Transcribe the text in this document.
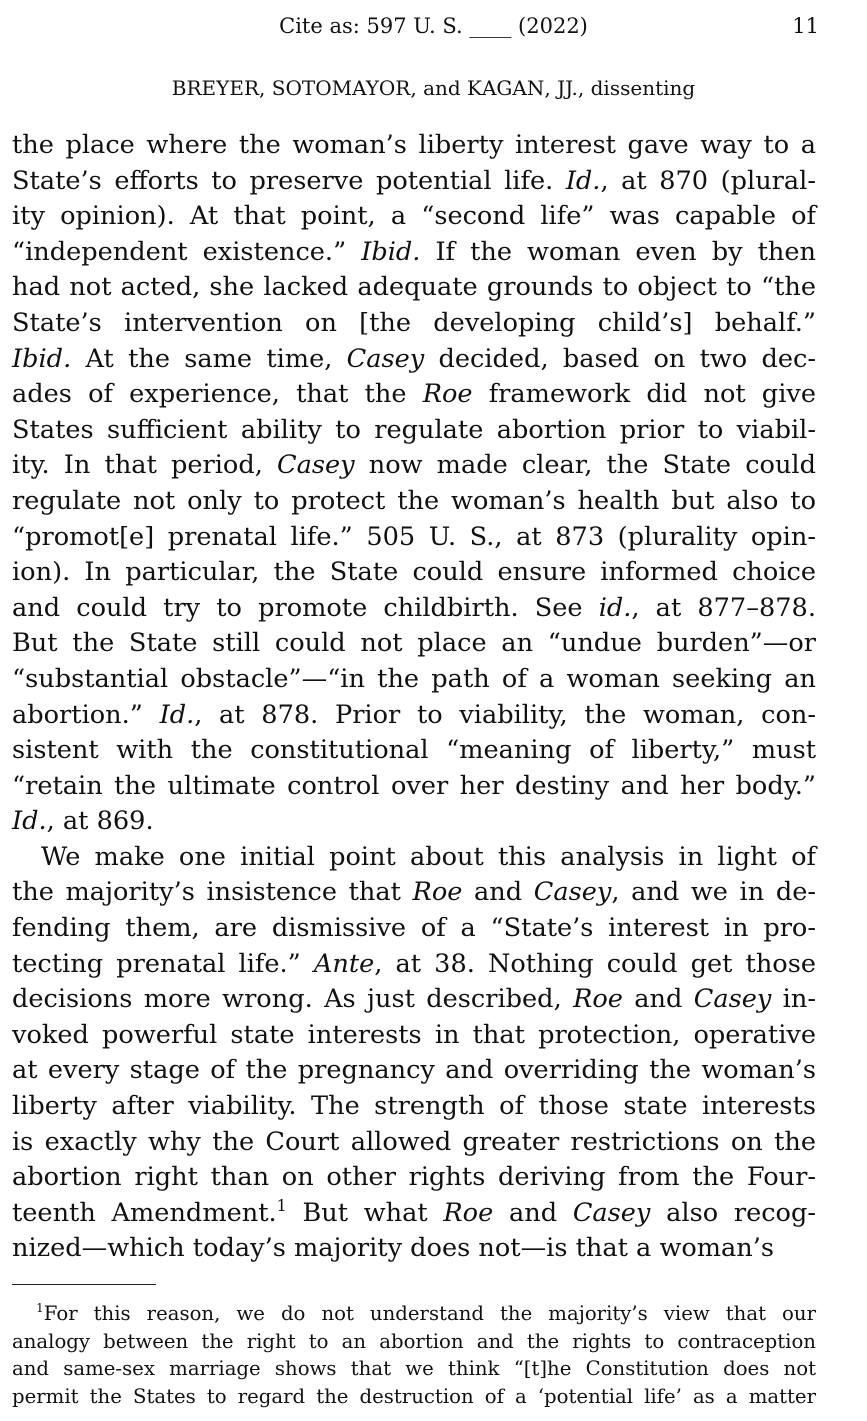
Cite as: 597 U. S. ____ (2022)	11
BREYER, SOTOMAYOR, and KAGAN, JJ., dissenting
the place where the woman’s liberty interest gave way to a
State’s efforts to preserve potential life. Id., at 870 (plural-
ity opinion). At that point, a “second life” was capable of
“independent existence.” Ibid. If the woman even by then
had not acted, she lacked adequate grounds to object to “the
State’s intervention on [the developing child’s] behalf.”
Ibid. At the same time, Casey decided, based on two dec-
ades of experience, that the Roe framework did not give
States sufficient ability to regulate abortion prior to viabil-
ity. In that period, Casey now made clear, the State could
regulate not only to protect the woman’s health but also to
“promot[e] prenatal life.” 505 U. S., at 873 (plurality opin-
ion). In particular, the State could ensure informed choice
and could try to promote childbirth. See id., at 877–878.
But the State still could not place an “undue burden”—or
“substantial obstacle”—“in the path of a woman seeking an
abortion.” Id., at 878. Prior to viability, the woman, con-
sistent with the constitutional “meaning of liberty,” must
“retain the ultimate control over her destiny and her body.”
Id., at 869.
We make one initial point about this analysis in light of
the majority’s insistence that Roe and Casey, and we in de-
fending them, are dismissive of a “State’s interest in pro-
tecting prenatal life.” Ante, at 38. Nothing could get those
decisions more wrong. As just described, Roe and Casey in-
voked powerful state interests in that protection, operative
at every stage of the pregnancy and overriding the woman’s
liberty after viability. The strength of those state interests
is exactly why the Court allowed greater restrictions on the
abortion right than on other rights deriving from the Four-
teenth Amendment.$^1$ But what Roe and Casey also recog-
nized—which today’s majority does not—is that a woman’s
$^1$For this reason, we do not understand the majority’s view that our
analogy between the right to an abortion and the rights to contraception
and same-sex marriage shows that we think “[t]he Constitution does not
permit the States to regard the destruction of a ‘potential life’ as a matter
